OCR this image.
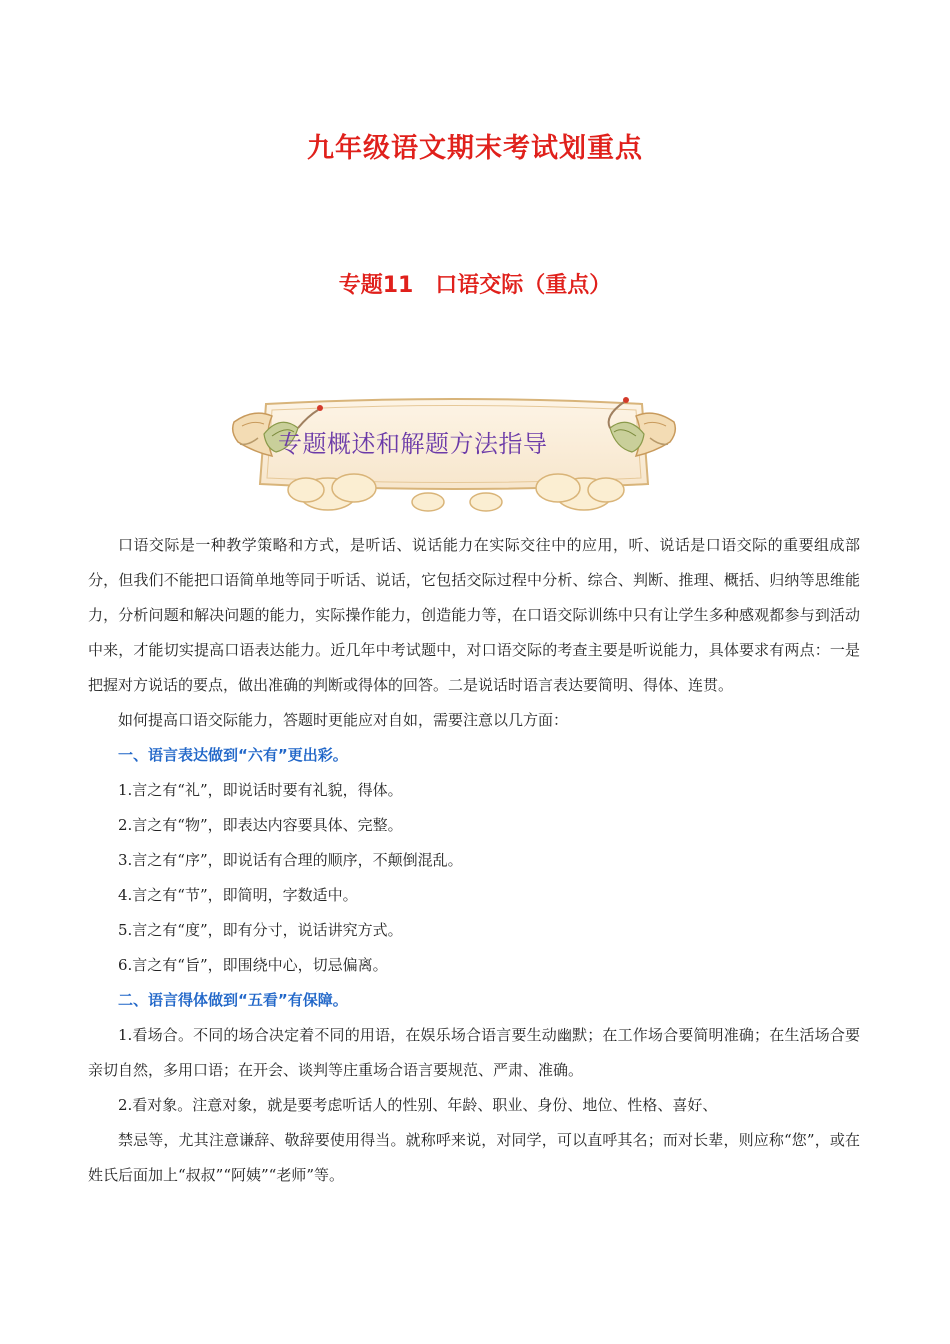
九年级语文期末考试划重点
专题11　口语交际（重点）
专题概述和解题方法指导

口语交际是一种教学策略和方式，是听话、说话能力在实际交往中的应用，听、说话是口语交际的重要组成部分，但我们不能把口语简单地等同于听话、说话，它包括交际过程中分析、综合、判断、推理、概括、归纳等思维能力，分析问题和解决问题的能力，实际操作能力，创造能力等，在口语交际训练中只有让学生多种感观都参与到活动中来，才能切实提高口语表达能力。近几年中考试题中，对口语交际的考查主要是听说能力，具体要求有两点：一是把握对方说话的要点，做出准确的判断或得体的回答。二是说话时语言表达要简明、得体、连贯。

如何提高口语交际能力，答题时更能应对自如，需要注意以几方面：

一、语言表达做到“六有”更出彩。

1.言之有“礼”，即说话时要有礼貌，得体。

2.言之有“物”，即表达内容要具体、完整。

3.言之有“序”，即说话有合理的顺序，不颠倒混乱。

4.言之有“节”，即简明，字数适中。

5.言之有“度”，即有分寸，说话讲究方式。

6.言之有“旨”，即围绕中心，切忌偏离。

二、语言得体做到“五看”有保障。

1.看场合。不同的场合决定着不同的用语，在娱乐场合语言要生动幽默；在工作场合要简明准确；在生活场合要亲切自然，多用口语；在开会、谈判等庄重场合语言要规范、严肃、准确。

2.看对象。注意对象，就是要考虑听话人的性别、年龄、职业、身份、地位、性格、喜好、

禁忌等，尤其注意谦辞、敬辞要使用得当。就称呼来说，对同学，可以直呼其名；而对长辈，则应称“您”，或在姓氏后面加上“叔叔”“阿姨”“老师”等。
